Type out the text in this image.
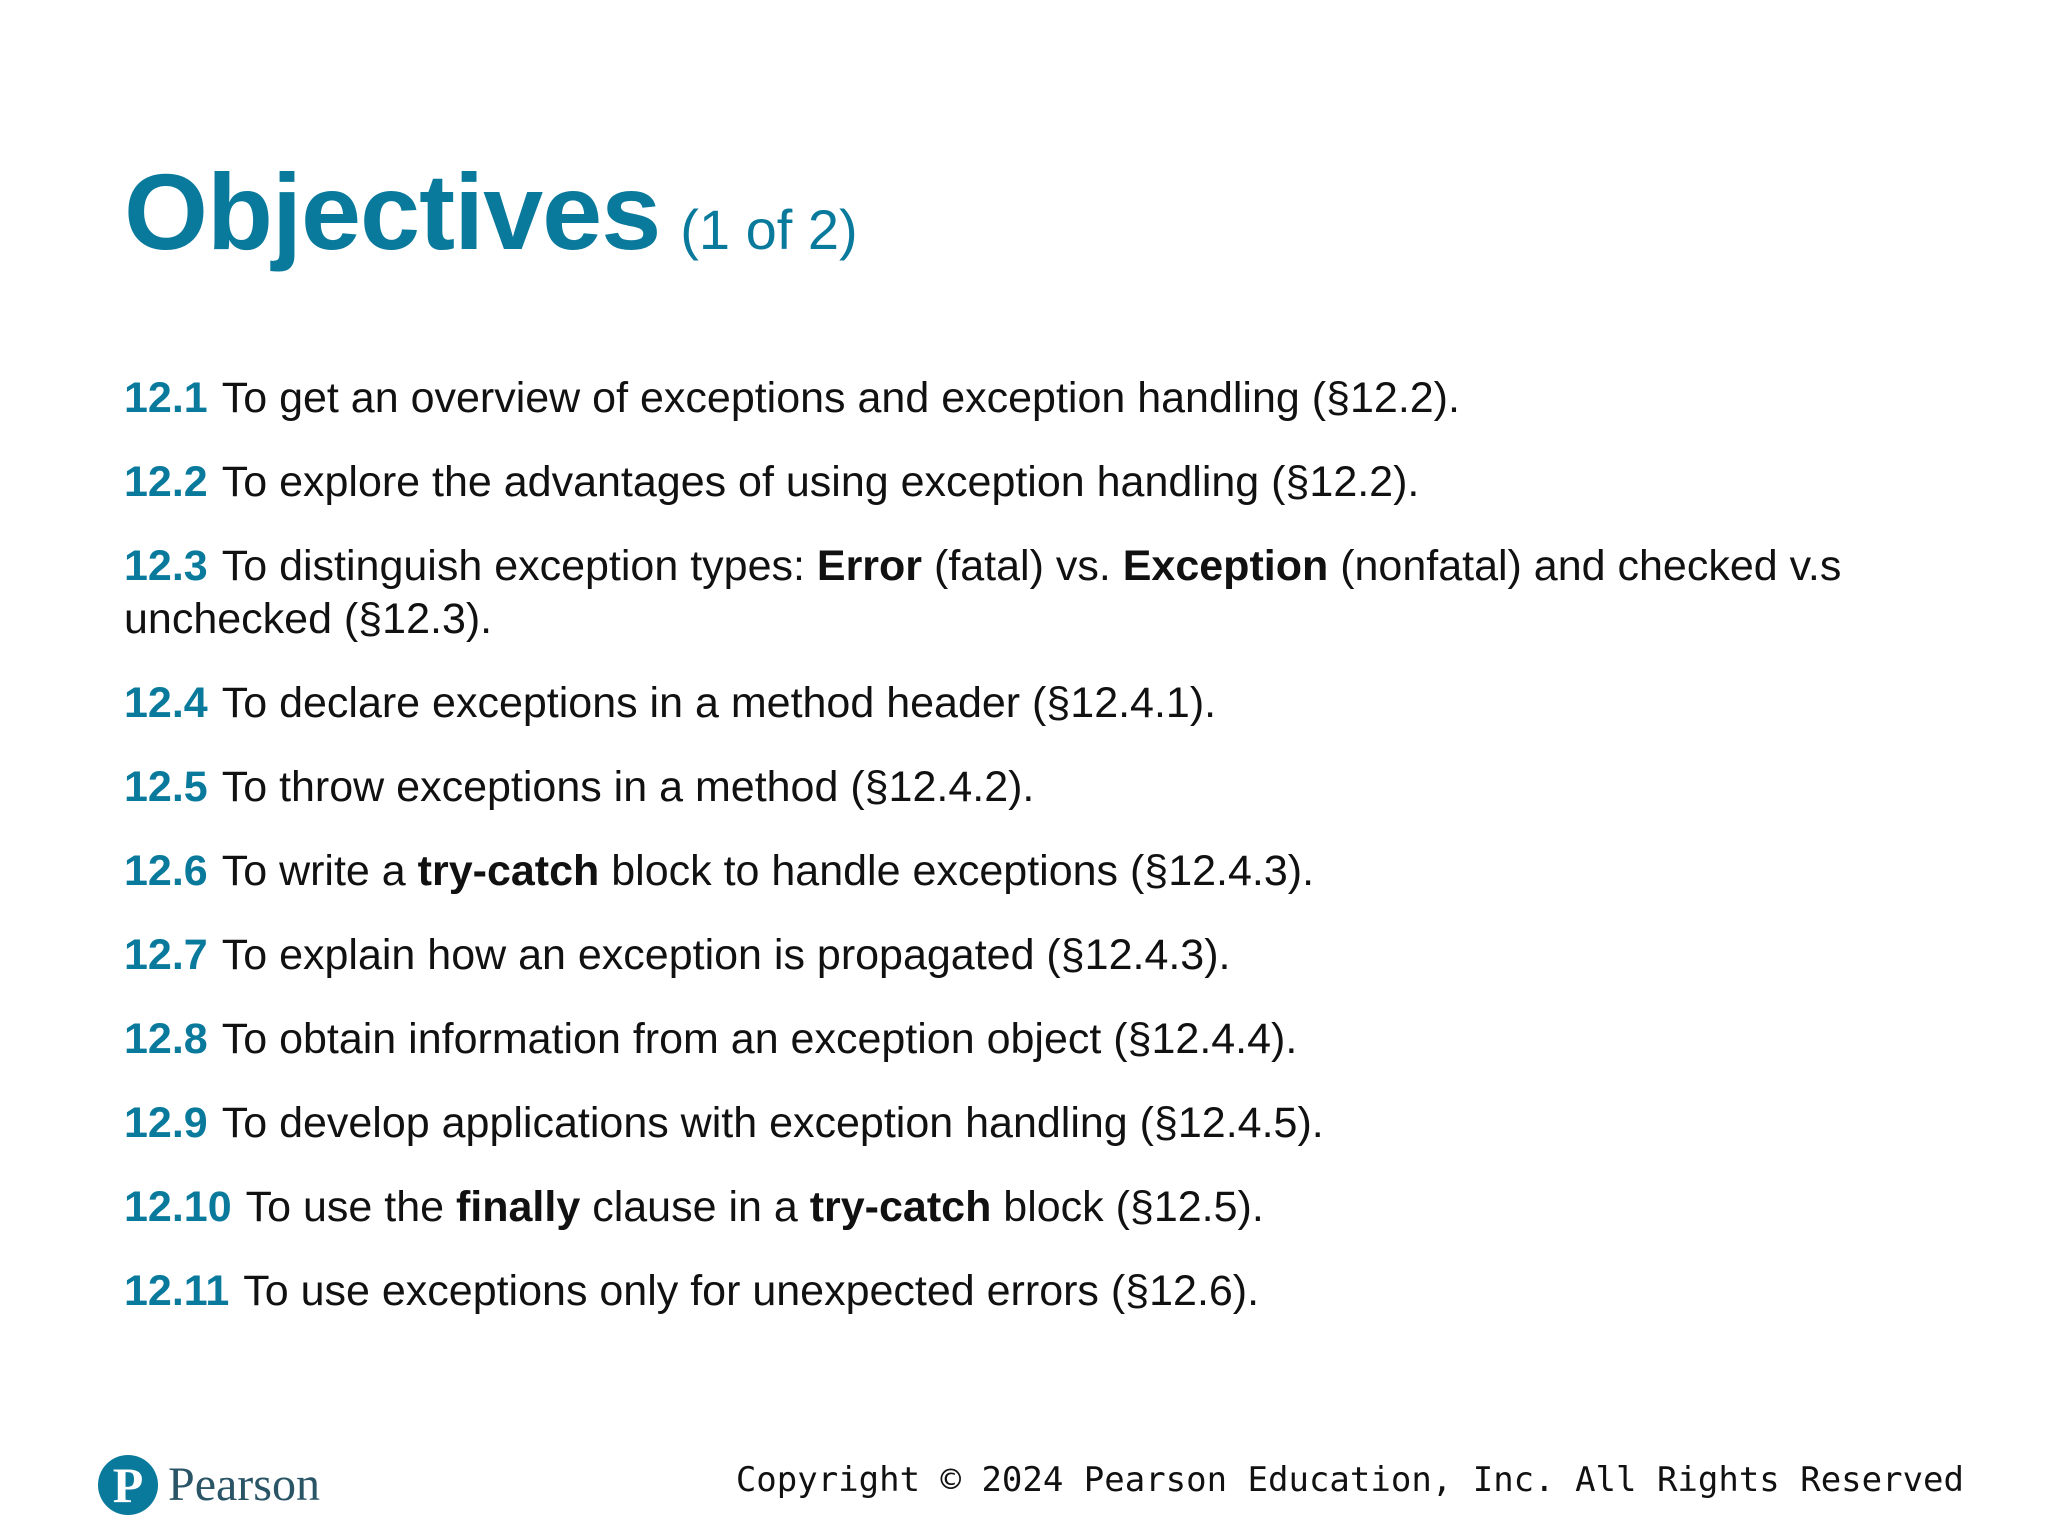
Objectives (1 of 2)
12.1 To get an overview of exceptions and exception handling (§12.2).
12.2 To explore the advantages of using exception handling (§12.2).
12.3 To distinguish exception types: Error (fatal) vs. Exception (nonfatal) and checked v.s unchecked (§12.3).
12.4 To declare exceptions in a method header (§12.4.1).
12.5 To throw exceptions in a method (§12.4.2).
12.6 To write a try-catch block to handle exceptions (§12.4.3).
12.7 To explain how an exception is propagated (§12.4.3).
12.8 To obtain information from an exception object (§12.4.4).
12.9 To develop applications with exception handling (§12.4.5).
12.10 To use the finally clause in a try-catch block (§12.5).
12.11 To use exceptions only for unexpected errors (§12.6).
P Pearson	Copyright © 2024 Pearson Education, Inc. All Rights Reserved
